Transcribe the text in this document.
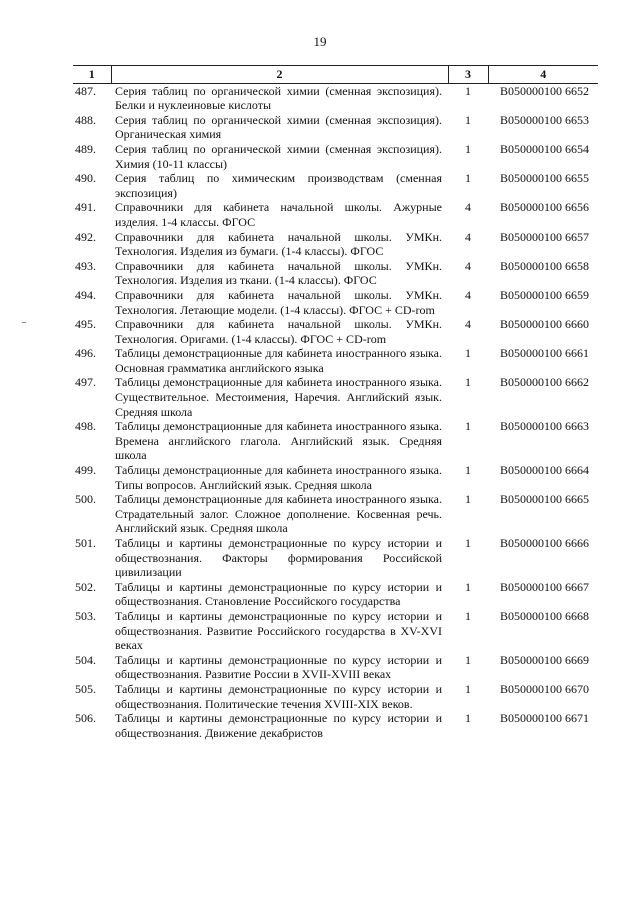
19
1	2	3	4
487.	Серия таблиц по органической химии (сменная экспозиция). Белки и нуклеиновые кислоты	1	B050000100 6652
488.	Серия таблиц по органической химии (сменная экспозиция). Органическая химия	1	B050000100 6653
489.	Серия таблиц по органической химии (сменная экспозиция). Химия (10-11 классы)	1	B050000100 6654
490.	Серия таблиц по химическим производствам (сменная экспозиция)	1	B050000100 6655
491.	Справочники для кабинета начальной школы. Ажурные изделия. 1-4 классы. ФГОС	4	B050000100 6656
492.	Справочники для кабинета начальной школы. УМКн. Технология. Изделия из бумаги. (1-4 классы). ФГОС	4	B050000100 6657
493.	Справочники для кабинета начальной школы. УМКн. Технология. Изделия из ткани. (1-4 классы). ФГОС	4	B050000100 6658
494.	Справочники для кабинета начальной школы. УМКн. Технология. Летающие модели. (1-4 классы). ФГОС + CD-rom	4	B050000100 6659
495.	Справочники для кабинета начальной школы. УМКн. Технология. Оригами. (1-4 классы). ФГОС + CD-rom	4	B050000100 6660
496.	Таблицы демонстрационные для кабинета иностранного языка. Основная грамматика английского языка	1	B050000100 6661
497.	Таблицы демонстрационные для кабинета иностранного языка. Существительное. Местоимения, Наречия. Английский язык. Средняя школа	1	B050000100 6662
498.	Таблицы демонстрационные для кабинета иностранного языка. Времена английского глагола. Английский язык. Средняя школа	1	B050000100 6663
499.	Таблицы демонстрационные для кабинета иностранного языка. Типы вопросов. Английский язык. Средняя школа	1	B050000100 6664
500.	Таблицы демонстрационные для кабинета иностранного языка. Страдательный залог. Сложное дополнение. Косвенная речь. Английский язык. Средняя школа	1	B050000100 6665
501.	Таблицы и картины демонстрационные по курсу истории и обществознания. Факторы формирования Российской цивилизации	1	B050000100 6666
502.	Таблицы и картины демонстрационные по курсу истории и обществознания. Становление Российского государства	1	B050000100 6667
503.	Таблицы и картины демонстрационные по курсу истории и обществознания. Развитие Российского государства в XV-XVI веках	1	B050000100 6668
504.	Таблицы и картины демонстрационные по курсу истории и обществознания. Развитие России в XVII-XVIII веках	1	B050000100 6669
505.	Таблицы и картины демонстрационные по курсу истории и обществознания. Политические течения XVIII-XIX веков.	1	B050000100 6670
506.	Таблицы и картины демонстрационные по курсу истории и обществознания. Движение декабристов	1	B050000100 6671
